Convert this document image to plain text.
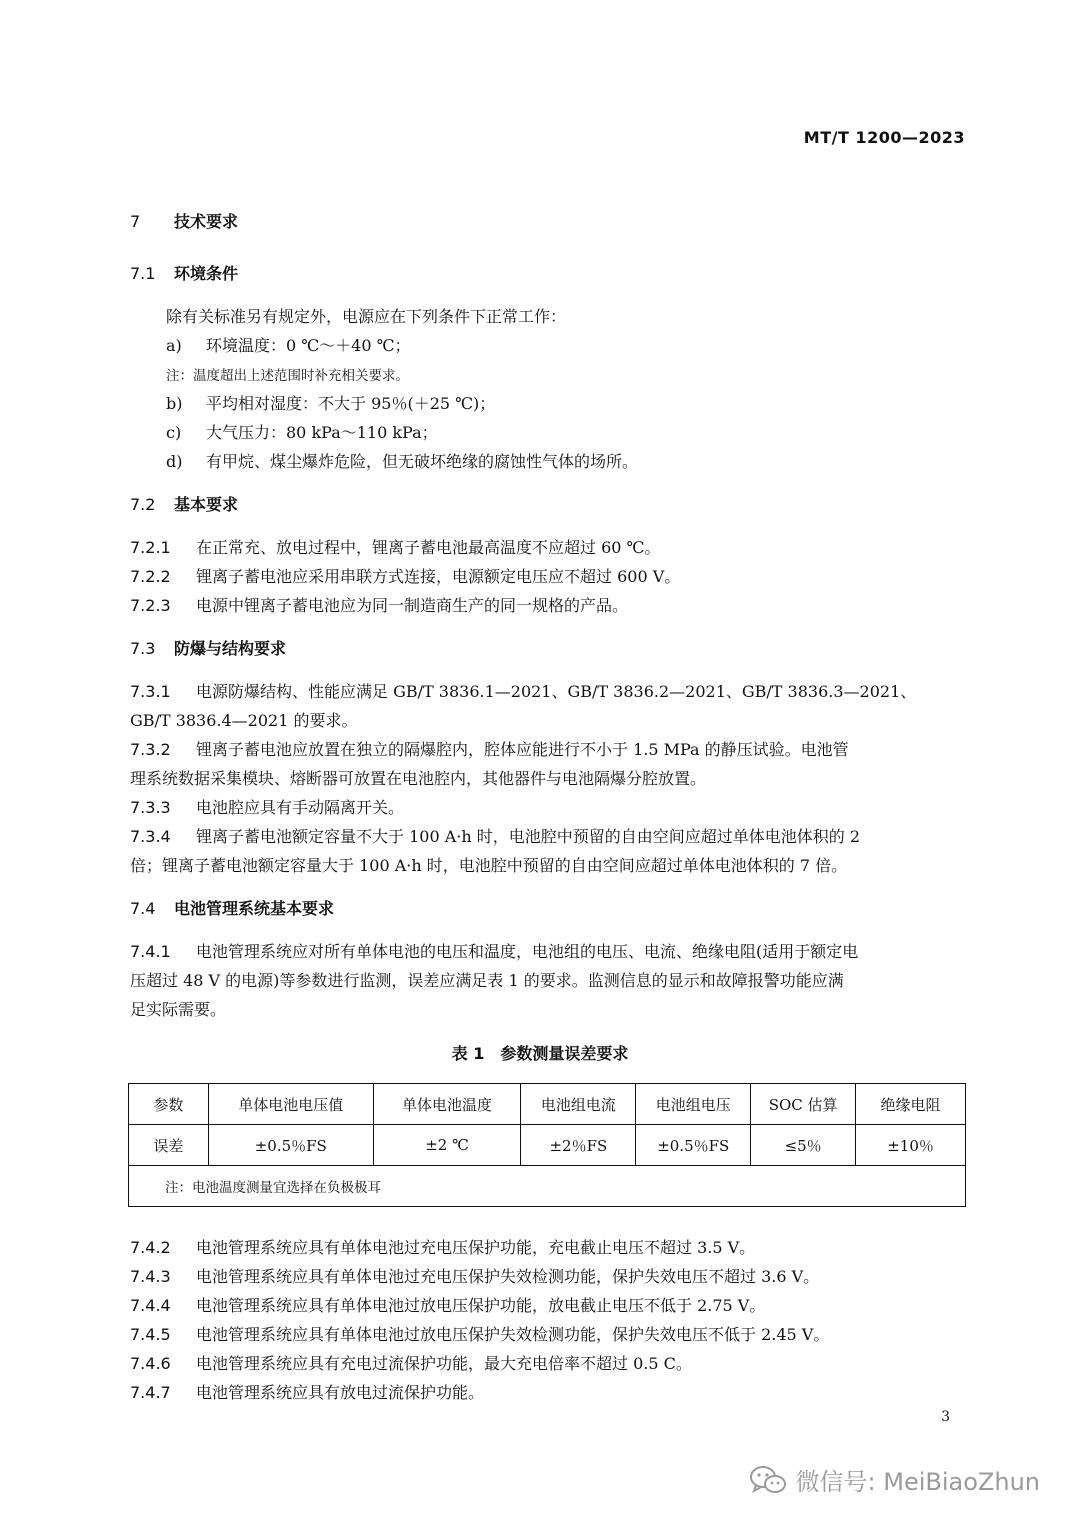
MT/T 1200—2023
7 技术要求
7.1 环境条件
除有关标准另有规定外，电源应在下列条件下正常工作：
a) 环境温度：0 ℃～＋40 ℃；
注：温度超出上述范围时补充相关要求。
b) 平均相对湿度：不大于 95％(＋25 ℃)；
c) 大气压力：80 kPa～110 kPa；
d) 有甲烷、煤尘爆炸危险，但无破坏绝缘的腐蚀性气体的场所。
7.2 基本要求
7.2.1 在正常充、放电过程中，锂离子蓄电池最高温度不应超过 60 ℃。
7.2.2 锂离子蓄电池应采用串联方式连接，电源额定电压应不超过 600 V。
7.2.3 电源中锂离子蓄电池应为同一制造商生产的同一规格的产品。
7.3 防爆与结构要求
7.3.1 电源防爆结构、性能应满足 GB/T 3836.1—2021、GB/T 3836.2—2021、GB/T 3836.3—2021、
GB/T 3836.4—2021 的要求。
7.3.2 锂离子蓄电池应放置在独立的隔爆腔内，腔体应能进行不小于 1.5 MPa 的静压试验。电池管
理系统数据采集模块、熔断器可放置在电池腔内，其他器件与电池隔爆分腔放置。
7.3.3 电池腔应具有手动隔离开关。
7.3.4 锂离子蓄电池额定容量不大于 100 A·h 时，电池腔中预留的自由空间应超过单体电池体积的 2
倍；锂离子蓄电池额定容量大于 100 A·h 时，电池腔中预留的自由空间应超过单体电池体积的 7 倍。
7.4 电池管理系统基本要求
7.4.1 电池管理系统应对所有单体电池的电压和温度，电池组的电压、电流、绝缘电阻(适用于额定电
压超过 48 V 的电源)等参数进行监测，误差应满足表 1 的要求。监测信息的显示和故障报警功能应满
足实际需要。
表 1　参数测量误差要求
参数	单体电池电压值	单体电池温度	电池组电流	电池组电压	SOC 估算	绝缘电阻
误差	±0.5％FS	±2 ℃	±2％FS	±0.5％FS	≤5％	±10％
注：电池温度测量宜选择在负极极耳						
7.4.2 电池管理系统应具有单体电池过充电压保护功能，充电截止电压不超过 3.5 V。
7.4.3 电池管理系统应具有单体电池过充电压保护失效检测功能，保护失效电压不超过 3.6 V。
7.4.4 电池管理系统应具有单体电池过放电压保护功能，放电截止电压不低于 2.75 V。
7.4.5 电池管理系统应具有单体电池过放电压保护失效检测功能，保护失效电压不低于 2.45 V。
7.4.6 电池管理系统应具有充电过流保护功能，最大充电倍率不超过 0.5 C。
7.4.7 电池管理系统应具有放电过流保护功能。
3
微信号: MeiBiaoZhun
